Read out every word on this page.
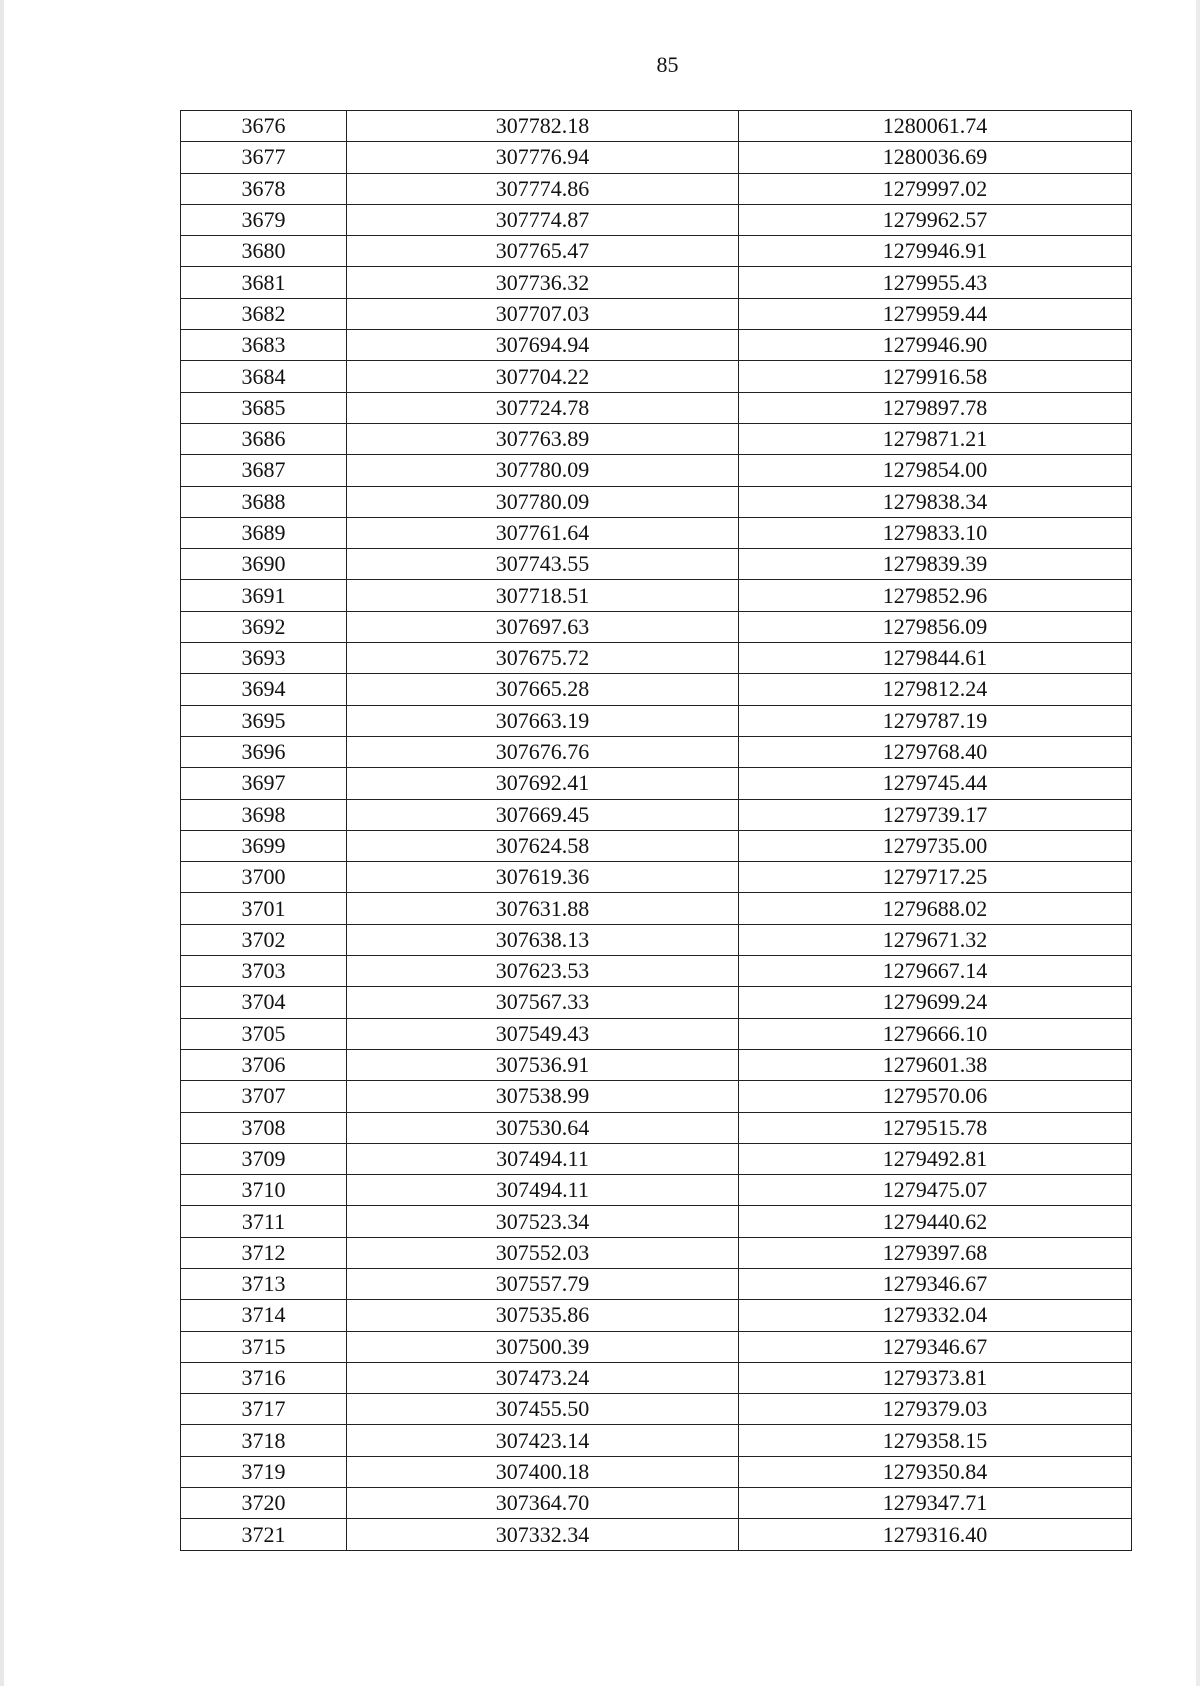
85
3676	307782.18	1280061.74
3677	307776.94	1280036.69
3678	307774.86	1279997.02
3679	307774.87	1279962.57
3680	307765.47	1279946.91
3681	307736.32	1279955.43
3682	307707.03	1279959.44
3683	307694.94	1279946.90
3684	307704.22	1279916.58
3685	307724.78	1279897.78
3686	307763.89	1279871.21
3687	307780.09	1279854.00
3688	307780.09	1279838.34
3689	307761.64	1279833.10
3690	307743.55	1279839.39
3691	307718.51	1279852.96
3692	307697.63	1279856.09
3693	307675.72	1279844.61
3694	307665.28	1279812.24
3695	307663.19	1279787.19
3696	307676.76	1279768.40
3697	307692.41	1279745.44
3698	307669.45	1279739.17
3699	307624.58	1279735.00
3700	307619.36	1279717.25
3701	307631.88	1279688.02
3702	307638.13	1279671.32
3703	307623.53	1279667.14
3704	307567.33	1279699.24
3705	307549.43	1279666.10
3706	307536.91	1279601.38
3707	307538.99	1279570.06
3708	307530.64	1279515.78
3709	307494.11	1279492.81
3710	307494.11	1279475.07
3711	307523.34	1279440.62
3712	307552.03	1279397.68
3713	307557.79	1279346.67
3714	307535.86	1279332.04
3715	307500.39	1279346.67
3716	307473.24	1279373.81
3717	307455.50	1279379.03
3718	307423.14	1279358.15
3719	307400.18	1279350.84
3720	307364.70	1279347.71
3721	307332.34	1279316.40
